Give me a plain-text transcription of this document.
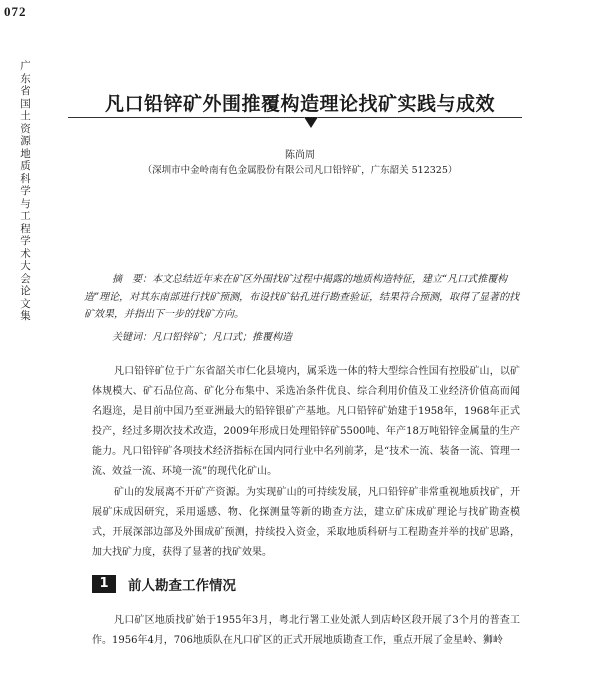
072
广东省国土资源地质科学与工程学术大会论文集
凡口铅锌矿外围推覆构造理论找矿实践与成效
陈尚周
（深圳市中金岭南有色金属股份有限公司凡口铅锌矿，广东韶关 512325）

摘　要：本文总结近年来在矿区外围找矿过程中揭露的地质构造特征，建立“凡口式推覆构造”理论，对其东南部进行找矿预测，布设找矿钻孔进行勘查验证，结果符合预测，取得了显著的找矿效果，并指出下一步的找矿方向。

关键词：凡口铅锌矿；凡口式；推覆构造

凡口铅锌矿位于广东省韶关市仁化县境内，属采选一体的特大型综合性国有控股矿山，以矿体规模大、矿石品位高、矿化分布集中、采选冶条件优良、综合利用价值及工业经济价值高而闻名遐迩，是目前中国乃至亚洲最大的铅锌银矿产基地。凡口铅锌矿始建于1958年，1968年正式投产，经过多期次技术改造，2009年形成日处理铅锌矿5500吨、年产18万吨铅锌金属量的生产能力。凡口铅锌矿各项技术经济指标在国内同行业中名列前茅，是“技术一流、装备一流、管理一流、效益一流、环境一流”的现代化矿山。

矿山的发展离不开矿产资源。为实现矿山的可持续发展，凡口铅锌矿非常重视地质找矿，开展矿床成因研究，采用遥感、物、化探测量等新的勘查方法，建立矿床成矿理论与找矿勘查模式，开展深部边部及外围成矿预测，持续投入资金，采取地质科研与工程勘查并举的找矿思路，加大找矿力度，获得了显著的找矿效果。

1	前人勘查工作情况

凡口矿区地质找矿始于1955年3月，粤北行署工业处派人到店岭区段开展了3个月的普查工作。1956年4月，706地质队在凡口矿区的正式开展地质勘查工作，重点开展了金星岭、狮岭
